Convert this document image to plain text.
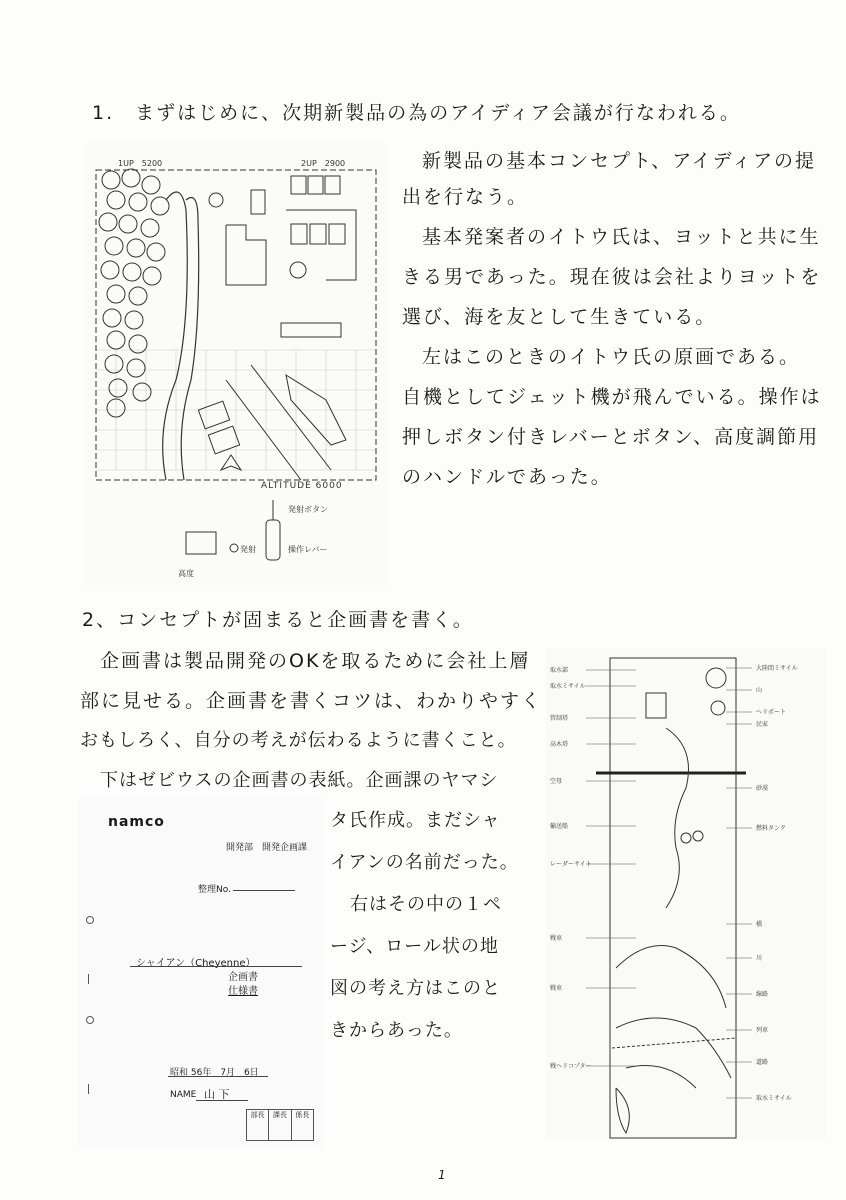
1.　まずはじめに、次期新製品の為のアイディア会議が行なわれる。
1UP　5200	2UP　2900
ALTITUDE 6000
高度
発射
発射ボタン
操作レバー
新製品の基本コンセプト、アイディアの提
出を行なう。
基本発案者のイトウ氏は、ヨットと共に生
きる男であった。現在彼は会社よりヨットを
選び、海を友として生きている。
左はこのときのイトウ氏の原画である。
自機としてジェット機が飛んでいる。操作は
押しボタン付きレバーとボタン、高度調節用
のハンドルであった。
2、コンセプトが固まると企画書を書く。
企画書は製品開発のOKを取るために会社上層
部に見せる。企画書を書くコツは、わかりやすく
おもしろく、自分の考えが伝わるように書くこと。
下はゼビウスの企画書の表紙。企画課のヤマシ
タ氏作成。まだシャ
イアンの名前だった。
右はその中の１ペ
ージ、ロール状の地
図の考え方はこのと
きからあった。
namco
開発部　開発企画課
整理No.
シャイアン（Cheyenne）
企画書
仕様書
昭和 56年　7月　6日
NAME 山 下
部長	課長	係長
取水部
取水ミサイル
管制塔
高木塔
空母
輸送船
レーダーサイト
戦車
戦車
戦ヘリコプター
大陸間ミサイル
山
ヘリポート
民家
砂漠
燃料タンク
橋
川
線路
列車
道路
取水ミサイル
1
